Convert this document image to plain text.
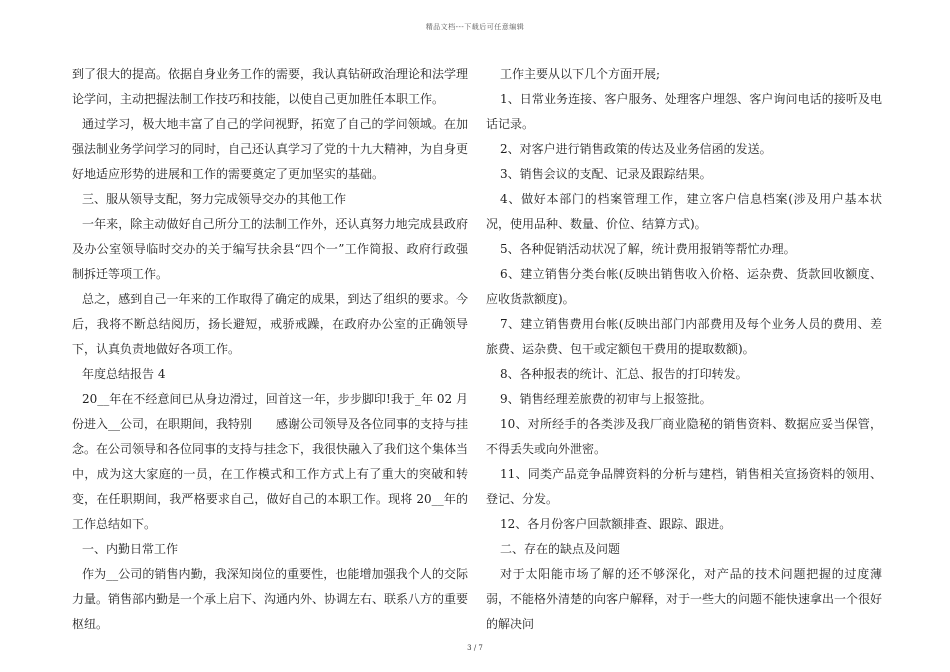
精品文档---下载后可任意编辑

到了很大的提高。依据自身业务工作的需要，我认真钻研政治理论和法学理论学问，主动把握法制工作技巧和技能，以使自己更加胜任本职工作。

通过学习，极大地丰富了自己的学问视野，拓宽了自己的学问领域。在加强法制业务学问学习的同时，自己还认真学习了党的十九大精神，为自身更好地适应形势的进展和工作的需要奠定了更加坚实的基础。

三、服从领导支配，努力完成领导交办的其他工作

一年来，除主动做好自己所分工的法制工作外，还认真努力地完成县政府及办公室领导临时交办的关于编写扶余县“四个一”工作简报、政府行政强制拆迁等项工作。

总之，感到自己一年来的工作取得了确定的成果，到达了组织的要求。今后，我将不断总结阅历，扬长避短，戒骄戒躁，在政府办公室的正确领导下，认真负责地做好各项工作。

年度总结报告 4

20__年在不经意间已从身边滑过，回首这一年，步步脚印!我于_年 02 月份进入__公司，在职期间，我特别　　感谢公司领导及各位同事的支持与挂念。在公司领导和各位同事的支持与挂念下，我很快融入了我们这个集体当中，成为这大家庭的一员，在工作模式和工作方式上有了重大的突破和转变，在任职期间，我严格要求自己，做好自己的本职工作。现将 20__年的工作总结如下。

一、内勤日常工作

作为__公司的销售内勤，我深知岗位的重要性，也能增加强我个人的交际力量。销售部内勤是一个承上启下、沟通内外、协调左右、联系八方的重要枢纽。

工作主要从以下几个方面开展;

1、日常业务连接、客户服务、处理客户埋怨、客户询问电话的接听及电话记录。

2、对客户进行销售政策的传达及业务信函的发送。

3、销售会议的支配、记录及跟踪结果。

4、做好本部门的档案管理工作，建立客户信息档案(涉及用户基本状况，使用品种、数量、价位、结算方式)。

5、各种促销活动状况了解，统计费用报销等帮忙办理。

6、建立销售分类台帐(反映出销售收入价格、运杂费、货款回收额度、应收货款额度)。

7、建立销售费用台帐(反映出部门内部费用及每个业务人员的费用、差旅费、运杂费、包干或定额包干费用的提取数额)。

8、各种报表的统计、汇总、报告的打印转发。

9、销售经理差旅费的初审与上报签批。

10、对所经手的各类涉及我厂商业隐秘的销售资料、数据应妥当保管，不得丢失或向外泄密。

11、同类产品竞争品牌资料的分析与建档，销售相关宣扬资料的领用、登记、分发。

12、各月份客户回款额排查、跟踪、跟进。

二、存在的缺点及问题

对于太阳能市场了解的还不够深化，对产品的技术问题把握的过度薄弱，不能格外清楚的向客户解释，对于一些大的问题不能快速拿出一个很好的解决问

3 / 7
